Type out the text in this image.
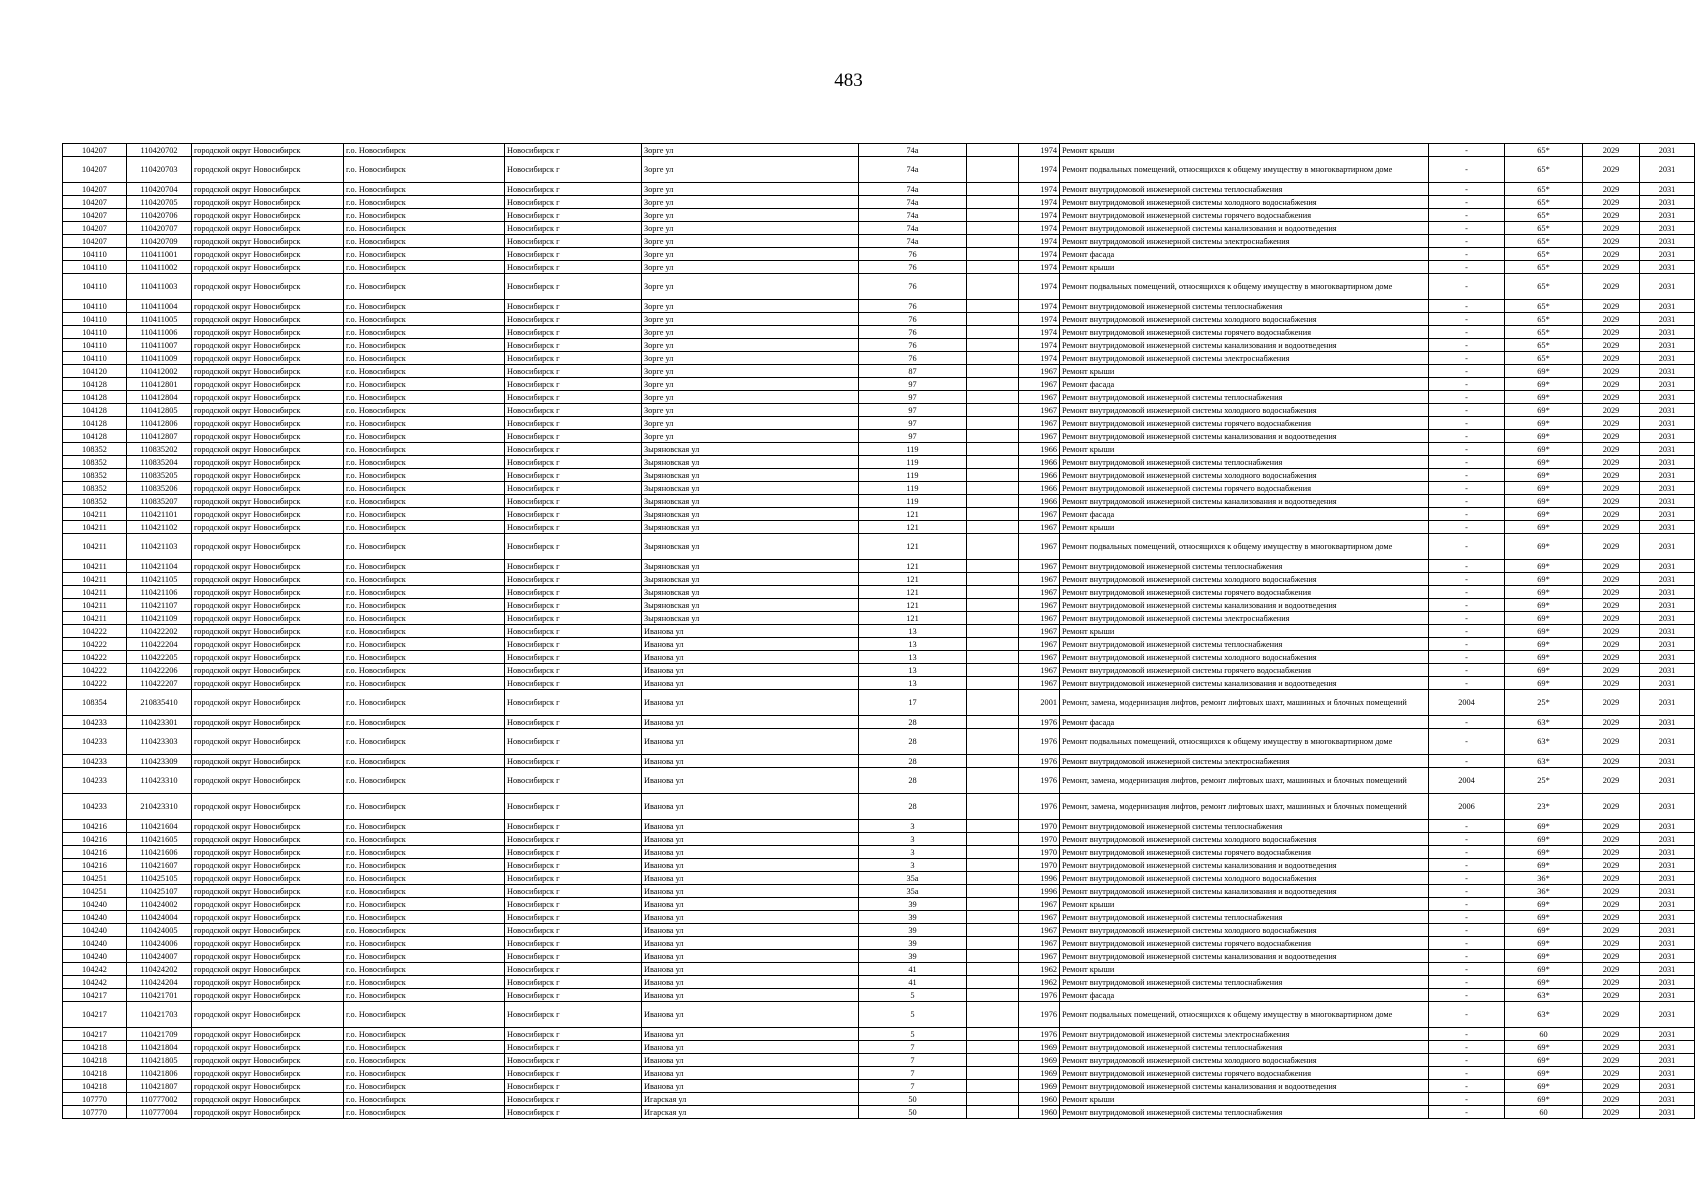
483
104207	110420702	городской округ Новосибирск	г.о. Новосибирск	Новосибирск г	Зорге ул	74а		1974	Ремонт крыши	-	65*	2029	2031
104207	110420703	городской округ Новосибирск	г.о. Новосибирск	Новосибирск г	Зорге ул	74а		1974	Ремонт подвальных помещений, относящихся к общему имуществу в многоквартирном доме	-	65*	2029	2031
104207	110420704	городской округ Новосибирск	г.о. Новосибирск	Новосибирск г	Зорге ул	74а		1974	Ремонт внутридомовой инженерной системы теплоснабжения	-	65*	2029	2031
104207	110420705	городской округ Новосибирск	г.о. Новосибирск	Новосибирск г	Зорге ул	74а		1974	Ремонт внутридомовой инженерной системы холодного водоснабжения	-	65*	2029	2031
104207	110420706	городской округ Новосибирск	г.о. Новосибирск	Новосибирск г	Зорге ул	74а		1974	Ремонт внутридомовой инженерной системы горячего водоснабжения	-	65*	2029	2031
104207	110420707	городской округ Новосибирск	г.о. Новосибирск	Новосибирск г	Зорге ул	74а		1974	Ремонт внутридомовой инженерной системы канализования и водоотведения	-	65*	2029	2031
104207	110420709	городской округ Новосибирск	г.о. Новосибирск	Новосибирск г	Зорге ул	74а		1974	Ремонт внутридомовой инженерной системы электроснабжения	-	65*	2029	2031
104110	110411001	городской округ Новосибирск	г.о. Новосибирск	Новосибирск г	Зорге ул	76		1974	Ремонт фасада	-	65*	2029	2031
104110	110411002	городской округ Новосибирск	г.о. Новосибирск	Новосибирск г	Зорге ул	76		1974	Ремонт крыши	-	65*	2029	2031
104110	110411003	городской округ Новосибирск	г.о. Новосибирск	Новосибирск г	Зорге ул	76		1974	Ремонт подвальных помещений, относящихся к общему имуществу в многоквартирном доме	-	65*	2029	2031
104110	110411004	городской округ Новосибирск	г.о. Новосибирск	Новосибирск г	Зорге ул	76		1974	Ремонт внутридомовой инженерной системы теплоснабжения	-	65*	2029	2031
104110	110411005	городской округ Новосибирск	г.о. Новосибирск	Новосибирск г	Зорге ул	76		1974	Ремонт внутридомовой инженерной системы холодного водоснабжения	-	65*	2029	2031
104110	110411006	городской округ Новосибирск	г.о. Новосибирск	Новосибирск г	Зорге ул	76		1974	Ремонт внутридомовой инженерной системы горячего водоснабжения	-	65*	2029	2031
104110	110411007	городской округ Новосибирск	г.о. Новосибирск	Новосибирск г	Зорге ул	76		1974	Ремонт внутридомовой инженерной системы канализования и водоотведения	-	65*	2029	2031
104110	110411009	городской округ Новосибирск	г.о. Новосибирск	Новосибирск г	Зорге ул	76		1974	Ремонт внутридомовой инженерной системы электроснабжения	-	65*	2029	2031
104120	110412002	городской округ Новосибирск	г.о. Новосибирск	Новосибирск г	Зорге ул	87		1967	Ремонт крыши	-	69*	2029	2031
104128	110412801	городской округ Новосибирск	г.о. Новосибирск	Новосибирск г	Зорге ул	97		1967	Ремонт фасада	-	69*	2029	2031
104128	110412804	городской округ Новосибирск	г.о. Новосибирск	Новосибирск г	Зорге ул	97		1967	Ремонт внутридомовой инженерной системы теплоснабжения	-	69*	2029	2031
104128	110412805	городской округ Новосибирск	г.о. Новосибирск	Новосибирск г	Зорге ул	97		1967	Ремонт внутридомовой инженерной системы холодного водоснабжения	-	69*	2029	2031
104128	110412806	городской округ Новосибирск	г.о. Новосибирск	Новосибирск г	Зорге ул	97		1967	Ремонт внутридомовой инженерной системы горячего водоснабжения	-	69*	2029	2031
104128	110412807	городской округ Новосибирск	г.о. Новосибирск	Новосибирск г	Зорге ул	97		1967	Ремонт внутридомовой инженерной системы канализования и водоотведения	-	69*	2029	2031
108352	110835202	городской округ Новосибирск	г.о. Новосибирск	Новосибирск г	Зыряновская ул	119		1966	Ремонт крыши	-	69*	2029	2031
108352	110835204	городской округ Новосибирск	г.о. Новосибирск	Новосибирск г	Зыряновская ул	119		1966	Ремонт внутридомовой инженерной системы теплоснабжения	-	69*	2029	2031
108352	110835205	городской округ Новосибирск	г.о. Новосибирск	Новосибирск г	Зыряновская ул	119		1966	Ремонт внутридомовой инженерной системы холодного водоснабжения	-	69*	2029	2031
108352	110835206	городской округ Новосибирск	г.о. Новосибирск	Новосибирск г	Зыряновская ул	119		1966	Ремонт внутридомовой инженерной системы горячего водоснабжения	-	69*	2029	2031
108352	110835207	городской округ Новосибирск	г.о. Новосибирск	Новосибирск г	Зыряновская ул	119		1966	Ремонт внутридомовой инженерной системы канализования и водоотведения	-	69*	2029	2031
104211	110421101	городской округ Новосибирск	г.о. Новосибирск	Новосибирск г	Зыряновская ул	121		1967	Ремонт фасада	-	69*	2029	2031
104211	110421102	городской округ Новосибирск	г.о. Новосибирск	Новосибирск г	Зыряновская ул	121		1967	Ремонт крыши	-	69*	2029	2031
104211	110421103	городской округ Новосибирск	г.о. Новосибирск	Новосибирск г	Зыряновская ул	121		1967	Ремонт подвальных помещений, относящихся к общему имуществу в многоквартирном доме	-	69*	2029	2031
104211	110421104	городской округ Новосибирск	г.о. Новосибирск	Новосибирск г	Зыряновская ул	121		1967	Ремонт внутридомовой инженерной системы теплоснабжения	-	69*	2029	2031
104211	110421105	городской округ Новосибирск	г.о. Новосибирск	Новосибирск г	Зыряновская ул	121		1967	Ремонт внутридомовой инженерной системы холодного водоснабжения	-	69*	2029	2031
104211	110421106	городской округ Новосибирск	г.о. Новосибирск	Новосибирск г	Зыряновская ул	121		1967	Ремонт внутридомовой инженерной системы горячего водоснабжения	-	69*	2029	2031
104211	110421107	городской округ Новосибирск	г.о. Новосибирск	Новосибирск г	Зыряновская ул	121		1967	Ремонт внутридомовой инженерной системы канализования и водоотведения	-	69*	2029	2031
104211	110421109	городской округ Новосибирск	г.о. Новосибирск	Новосибирск г	Зыряновская ул	121		1967	Ремонт внутридомовой инженерной системы электроснабжения	-	69*	2029	2031
104222	110422202	городской округ Новосибирск	г.о. Новосибирск	Новосибирск г	Иванова ул	13		1967	Ремонт крыши	-	69*	2029	2031
104222	110422204	городской округ Новосибирск	г.о. Новосибирск	Новосибирск г	Иванова ул	13		1967	Ремонт внутридомовой инженерной системы теплоснабжения	-	69*	2029	2031
104222	110422205	городской округ Новосибирск	г.о. Новосибирск	Новосибирск г	Иванова ул	13		1967	Ремонт внутридомовой инженерной системы холодного водоснабжения	-	69*	2029	2031
104222	110422206	городской округ Новосибирск	г.о. Новосибирск	Новосибирск г	Иванова ул	13		1967	Ремонт внутридомовой инженерной системы горячего водоснабжения	-	69*	2029	2031
104222	110422207	городской округ Новосибирск	г.о. Новосибирск	Новосибирск г	Иванова ул	13		1967	Ремонт внутридомовой инженерной системы канализования и водоотведения	-	69*	2029	2031
108354	210835410	городской округ Новосибирск	г.о. Новосибирск	Новосибирск г	Иванова ул	17		2001	Ремонт, замена, модернизация лифтов, ремонт лифтовых шахт, машинных и блочных помещений	2004	25*	2029	2031
104233	110423301	городской округ Новосибирск	г.о. Новосибирск	Новосибирск г	Иванова ул	28		1976	Ремонт фасада	-	63*	2029	2031
104233	110423303	городской округ Новосибирск	г.о. Новосибирск	Новосибирск г	Иванова ул	28		1976	Ремонт подвальных помещений, относящихся к общему имуществу в многоквартирном доме	-	63*	2029	2031
104233	110423309	городской округ Новосибирск	г.о. Новосибирск	Новосибирск г	Иванова ул	28		1976	Ремонт внутридомовой инженерной системы электроснабжения	-	63*	2029	2031
104233	110423310	городской округ Новосибирск	г.о. Новосибирск	Новосибирск г	Иванова ул	28		1976	Ремонт, замена, модернизация лифтов, ремонт лифтовых шахт, машинных и блочных помещений	2004	25*	2029	2031
104233	210423310	городской округ Новосибирск	г.о. Новосибирск	Новосибирск г	Иванова ул	28		1976	Ремонт, замена, модернизация лифтов, ремонт лифтовых шахт, машинных и блочных помещений	2006	23*	2029	2031
104216	110421604	городской округ Новосибирск	г.о. Новосибирск	Новосибирск г	Иванова ул	3		1970	Ремонт внутридомовой инженерной системы теплоснабжения	-	69*	2029	2031
104216	110421605	городской округ Новосибирск	г.о. Новосибирск	Новосибирск г	Иванова ул	3		1970	Ремонт внутридомовой инженерной системы холодного водоснабжения	-	69*	2029	2031
104216	110421606	городской округ Новосибирск	г.о. Новосибирск	Новосибирск г	Иванова ул	3		1970	Ремонт внутридомовой инженерной системы горячего водоснабжения	-	69*	2029	2031
104216	110421607	городской округ Новосибирск	г.о. Новосибирск	Новосибирск г	Иванова ул	3		1970	Ремонт внутридомовой инженерной системы канализования и водоотведения	-	69*	2029	2031
104251	110425105	городской округ Новосибирск	г.о. Новосибирск	Новосибирск г	Иванова ул	35а		1996	Ремонт внутридомовой инженерной системы холодного водоснабжения	-	36*	2029	2031
104251	110425107	городской округ Новосибирск	г.о. Новосибирск	Новосибирск г	Иванова ул	35а		1996	Ремонт внутридомовой инженерной системы канализования и водоотведения	-	36*	2029	2031
104240	110424002	городской округ Новосибирск	г.о. Новосибирск	Новосибирск г	Иванова ул	39		1967	Ремонт крыши	-	69*	2029	2031
104240	110424004	городской округ Новосибирск	г.о. Новосибирск	Новосибирск г	Иванова ул	39		1967	Ремонт внутридомовой инженерной системы теплоснабжения	-	69*	2029	2031
104240	110424005	городской округ Новосибирск	г.о. Новосибирск	Новосибирск г	Иванова ул	39		1967	Ремонт внутридомовой инженерной системы холодного водоснабжения	-	69*	2029	2031
104240	110424006	городской округ Новосибирск	г.о. Новосибирск	Новосибирск г	Иванова ул	39		1967	Ремонт внутридомовой инженерной системы горячего водоснабжения	-	69*	2029	2031
104240	110424007	городской округ Новосибирск	г.о. Новосибирск	Новосибирск г	Иванова ул	39		1967	Ремонт внутридомовой инженерной системы канализования и водоотведения	-	69*	2029	2031
104242	110424202	городской округ Новосибирск	г.о. Новосибирск	Новосибирск г	Иванова ул	41		1962	Ремонт крыши	-	69*	2029	2031
104242	110424204	городской округ Новосибирск	г.о. Новосибирск	Новосибирск г	Иванова ул	41		1962	Ремонт внутридомовой инженерной системы теплоснабжения	-	69*	2029	2031
104217	110421701	городской округ Новосибирск	г.о. Новосибирск	Новосибирск г	Иванова ул	5		1976	Ремонт фасада	-	63*	2029	2031
104217	110421703	городской округ Новосибирск	г.о. Новосибирск	Новосибирск г	Иванова ул	5		1976	Ремонт подвальных помещений, относящихся к общему имуществу в многоквартирном доме	-	63*	2029	2031
104217	110421709	городской округ Новосибирск	г.о. Новосибирск	Новосибирск г	Иванова ул	5		1976	Ремонт внутридомовой инженерной системы электроснабжения	-	60	2029	2031
104218	110421804	городской округ Новосибирск	г.о. Новосибирск	Новосибирск г	Иванова ул	7		1969	Ремонт внутридомовой инженерной системы теплоснабжения	-	69*	2029	2031
104218	110421805	городской округ Новосибирск	г.о. Новосибирск	Новосибирск г	Иванова ул	7		1969	Ремонт внутридомовой инженерной системы холодного водоснабжения	-	69*	2029	2031
104218	110421806	городской округ Новосибирск	г.о. Новосибирск	Новосибирск г	Иванова ул	7		1969	Ремонт внутридомовой инженерной системы горячего водоснабжения	-	69*	2029	2031
104218	110421807	городской округ Новосибирск	г.о. Новосибирск	Новосибирск г	Иванова ул	7		1969	Ремонт внутридомовой инженерной системы канализования и водоотведения	-	69*	2029	2031
107770	110777002	городской округ Новосибирск	г.о. Новосибирск	Новосибирск г	Игарская ул	50		1960	Ремонт крыши	-	69*	2029	2031
107770	110777004	городской округ Новосибирск	г.о. Новосибирск	Новосибирск г	Игарская ул	50		1960	Ремонт внутридомовой инженерной системы теплоснабжения	-	60	2029	2031
